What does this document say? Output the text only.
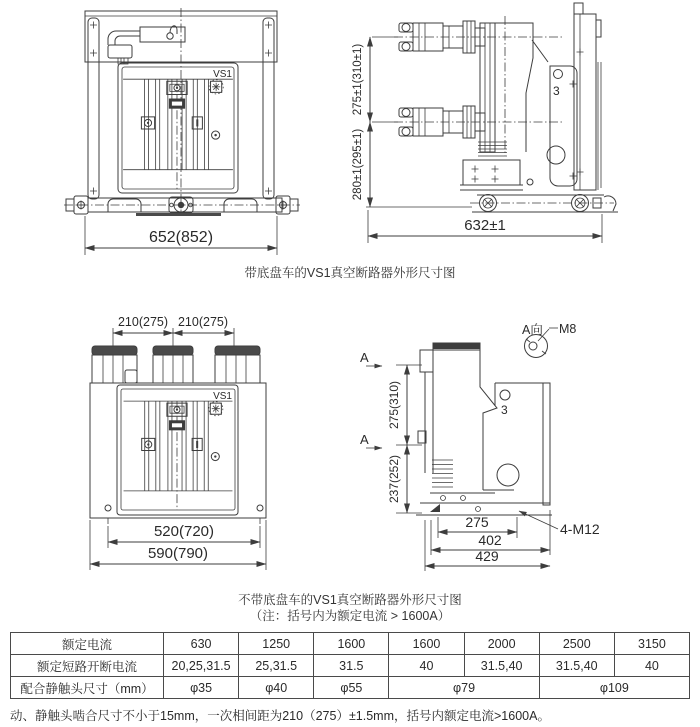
VS1
652(852)
3
275±1(310±1)
280±1(295±1)
632±1
带底盘车的VS1真空断路器外形尺寸图
210(275) 210(275)
VS1
520(720)
590(790)
A向 M8
A
A
3
275(310)
237(252)
4-M12
275
402
429
不带底盘车的VS1真空断路器外形尺寸图
（注：括号内为额定电流 > 1600A）
额定电流	630	1250	1600	1600	2000	2500	3150
额定短路开断电流	20,25,31.5	25,31.5	31.5	40	31.5,40	31.5,40	40
配合静触头尺寸（mm）	φ35	φ40	φ55	φ79		φ109	
动、静触头啮合尺寸不小于15mm，一次相间距为210（275）±1.5mm，括号内额定电流>1600A。
